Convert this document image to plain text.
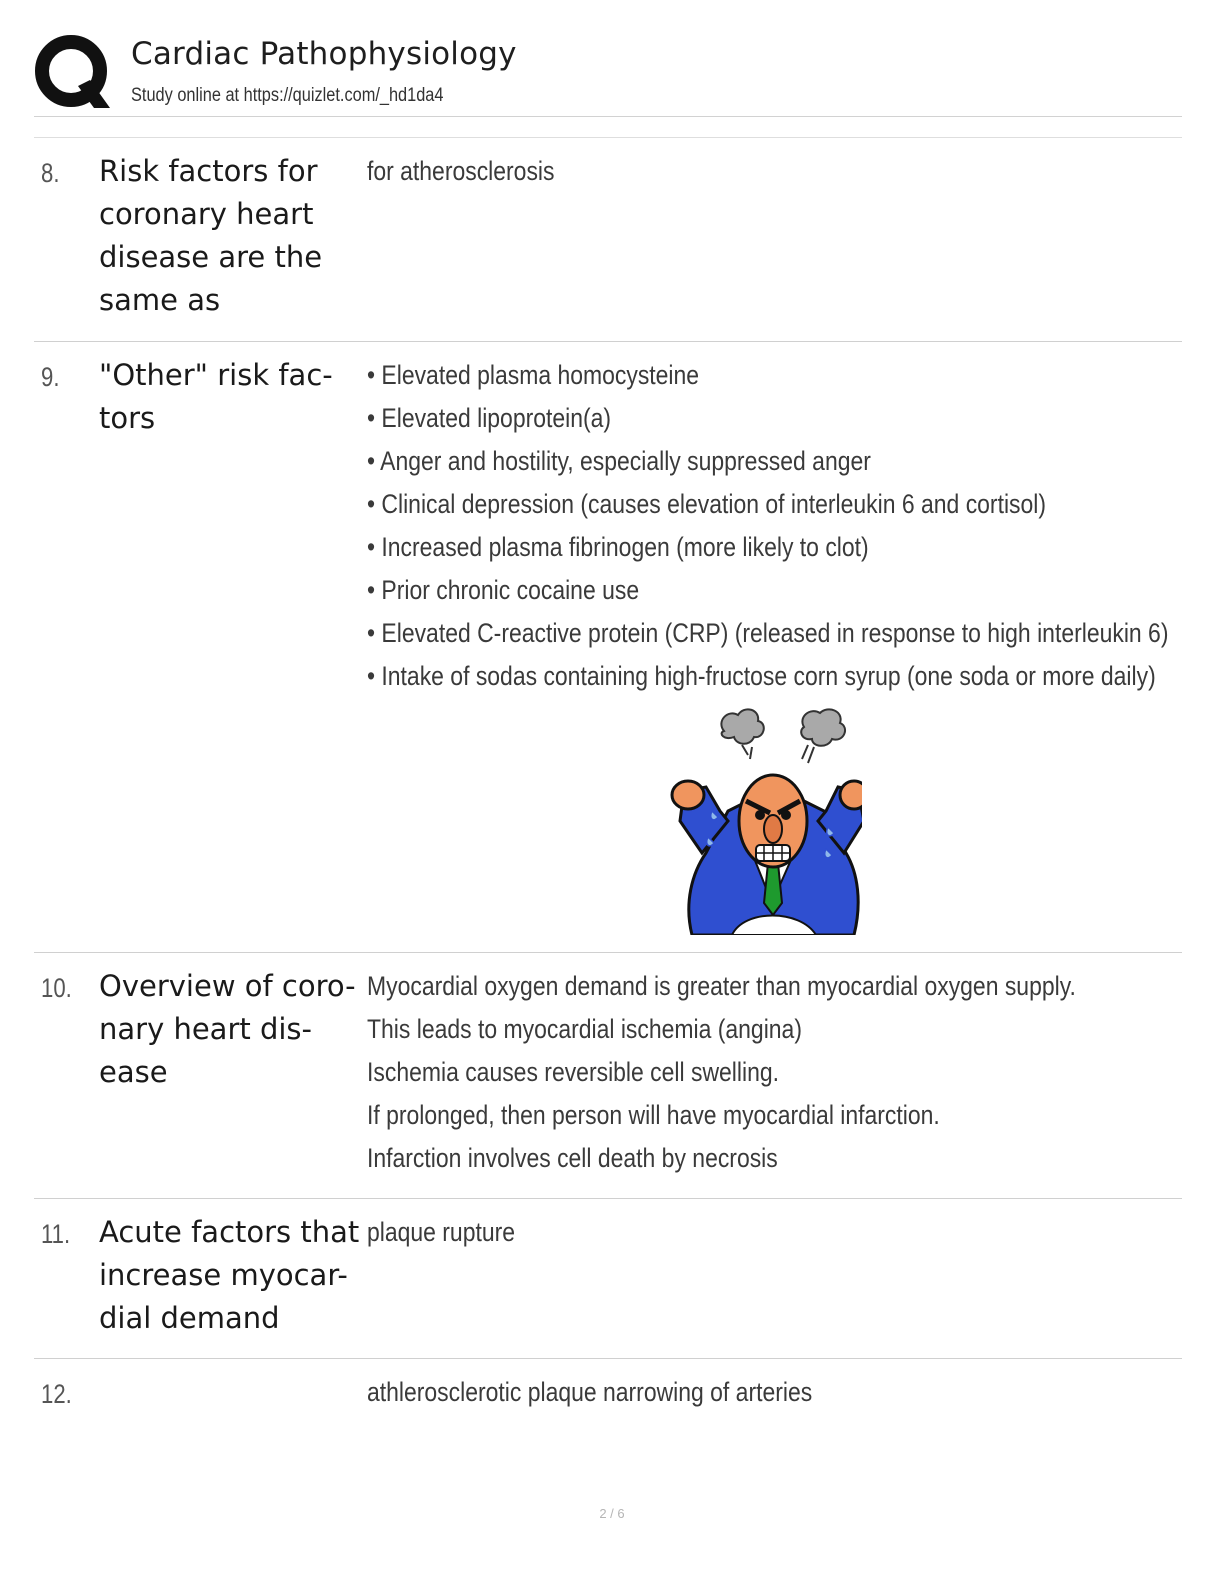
Cardiac Pathophysiology
Study online at https://quizlet.com/_hd1da4
8. Risk factors for
coronary heart
disease are the
same as
for atherosclerosis
9. "Other" risk fac-
tors
• Elevated plasma homocysteine
• Elevated lipoprotein(a)
• Anger and hostility, especially suppressed anger
• Clinical depression (causes elevation of interleukin 6 and cortisol)
• Increased plasma fibrinogen (more likely to clot)
• Prior chronic cocaine use
• Elevated C-reactive protein (CRP) (released in response to high interleukin 6)
• Intake of sodas containing high-fructose corn syrup (one soda or more daily)
10. Overview of coro-
nary heart dis-
ease
Myocardial oxygen demand is greater than myocardial oxygen supply.
This leads to myocardial ischemia (angina)
Ischemia causes reversible cell swelling.
If prolonged, then person will have myocardial infarction.
Infarction involves cell death by necrosis
11. Acute factors that
increase myocar-
dial demand
plaque rupture
12.	athlerosclerotic plaque narrowing of arteries
2 / 6
